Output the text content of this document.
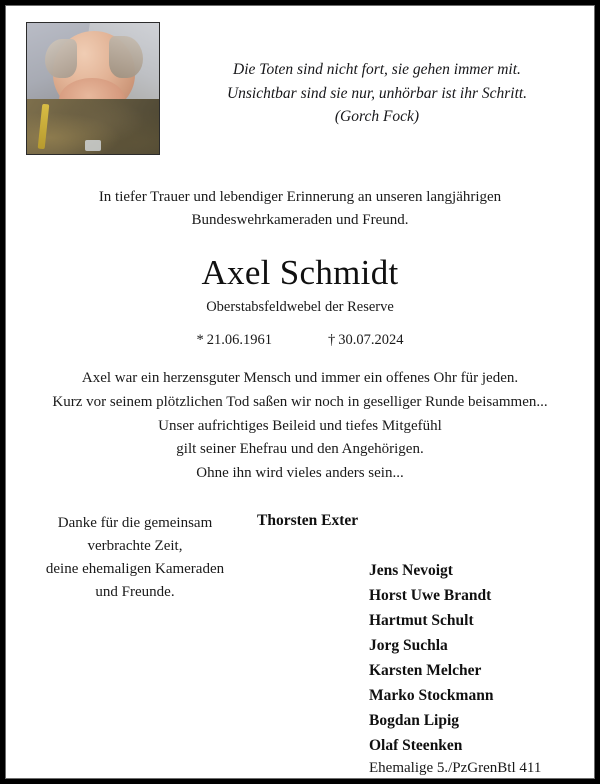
Die Toten sind nicht fort, sie gehen immer mit.
Unsichtbar sind sie nur, unhörbar ist ihr Schritt.

(Gorch Fock)
In tiefer Trauer und lebendiger Erinnerung an unseren langjährigen
Bundeswehrkameraden und Freund.
Axel Schmidt
Oberstabsfeldwebel der Reserve
* 21.06.1961	† 30.07.2024
Axel war ein herzensguter Mensch und immer ein offenes Ohr für jeden.
Kurz vor seinem plötzlichen Tod saßen wir noch in geselliger Runde beisammen...
Unser aufrichtiges Beileid und tiefes Mitgefühl
gilt seiner Ehefrau und den Angehörigen.
Ohne ihn wird vieles anders sein...
Danke für die gemeinsam
verbrachte Zeit,
deine ehemaligen Kameraden
und Freunde.
Thorsten Exter
Jens Nevoigt
Horst Uwe Brandt
Hartmut Schult
Jorg Suchla
Karsten Melcher
Marko Stockmann
Bogdan Lipig
Olaf Steenken
Ehemalige 5./PzGrenBtl 411
